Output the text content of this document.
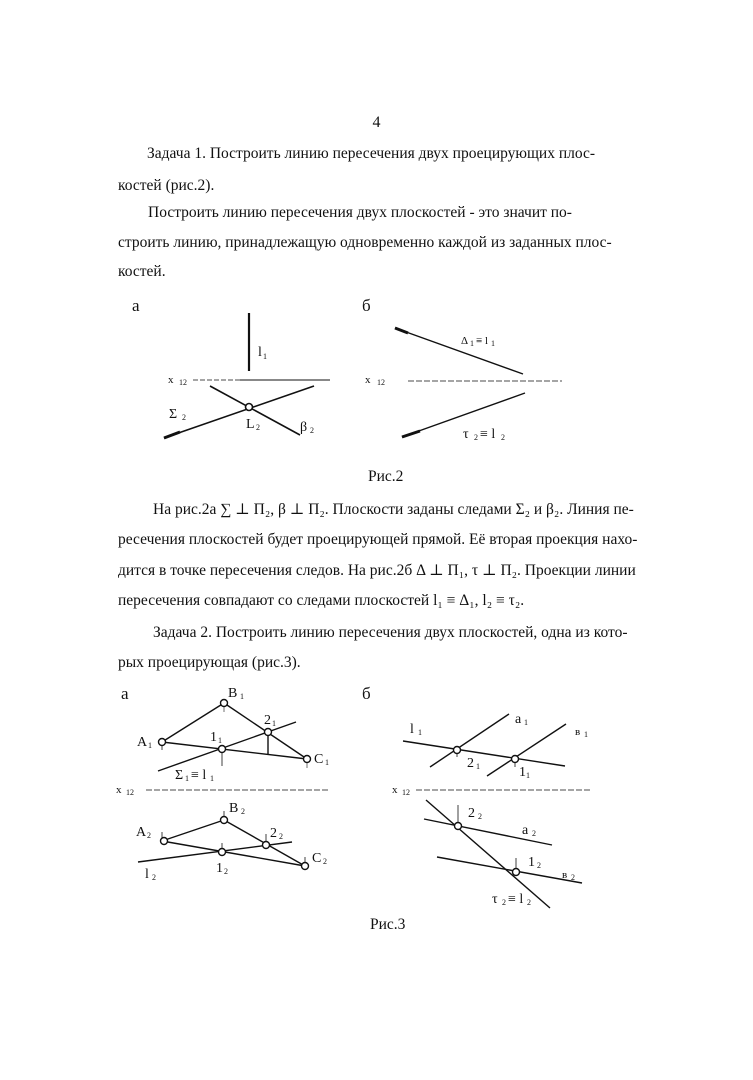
4
Задача 1. Построить линию пересечения двух проецирующих плос-
костей (рис.2).
Построить линию пересечения двух плоскостей - это значит по-
строить линию, принадлежащую одновременно каждой из заданных плос-
костей.
а	б
l 1
x 12
Σ 2	L 2	β 2
Δ 1 ≡ l 1
x 12
τ 2 ≡ l 2
B 1
A 1
C 1
1 1
2 1
Σ 1 ≡ l 1
x 12
B 2
A 2
C 2
1 2
2 2
l 2
l 1
a 1
в 1
2 1	1 1
x 12
2 2
a 2
1 2
в 2
τ 2 ≡ l 2
Рис.2
На рис.2а ∑ ⊥ П₂, β ⊥ П₂. Плоскости заданы следами Σ₂ и β₂. Линия пе-
ресечения плоскостей будет проецирующей прямой. Её вторая проекция нахо-
дится в точке пересечения следов. На рис.2б Δ ⊥ П₁, τ ⊥ П₂. Проекции линии
пересечения совпадают со следами плоскостей l₁ ≡ Δ₁, l₂ ≡ τ₂.
Задача 2. Построить линию пересечения двух плоскостей, одна из кото-
рых проецирующая (рис.3).
а	б
Рис.3
